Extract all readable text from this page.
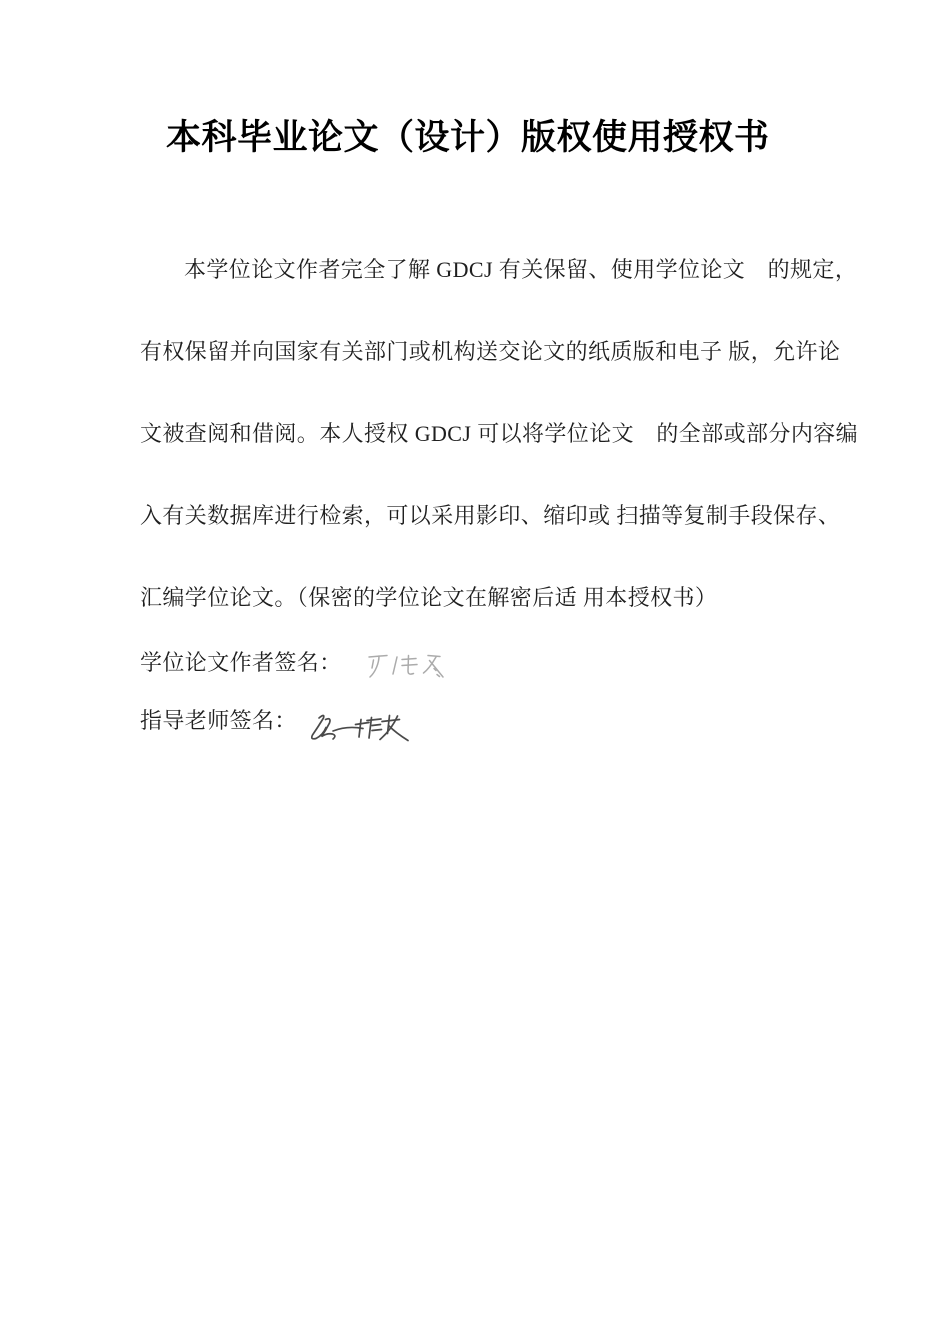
本科毕业论文（设计）版权使用授权书
本学位论文作者完全了解 GDCJ 有关保留、使用学位论文　的规定，
有权保留并向国家有关部门或机构送交论文的纸质版和电子 版，允许论
文被查阅和借阅。本人授权 GDCJ 可以将学位论文　的全部或部分内容编
入有关数据库进行检索，可以采用影印、缩印或 扫描等复制手段保存、
汇编学位论文。（保密的学位论文在解密后适 用本授权书）
学位论文作者签名：
指导老师签名：
